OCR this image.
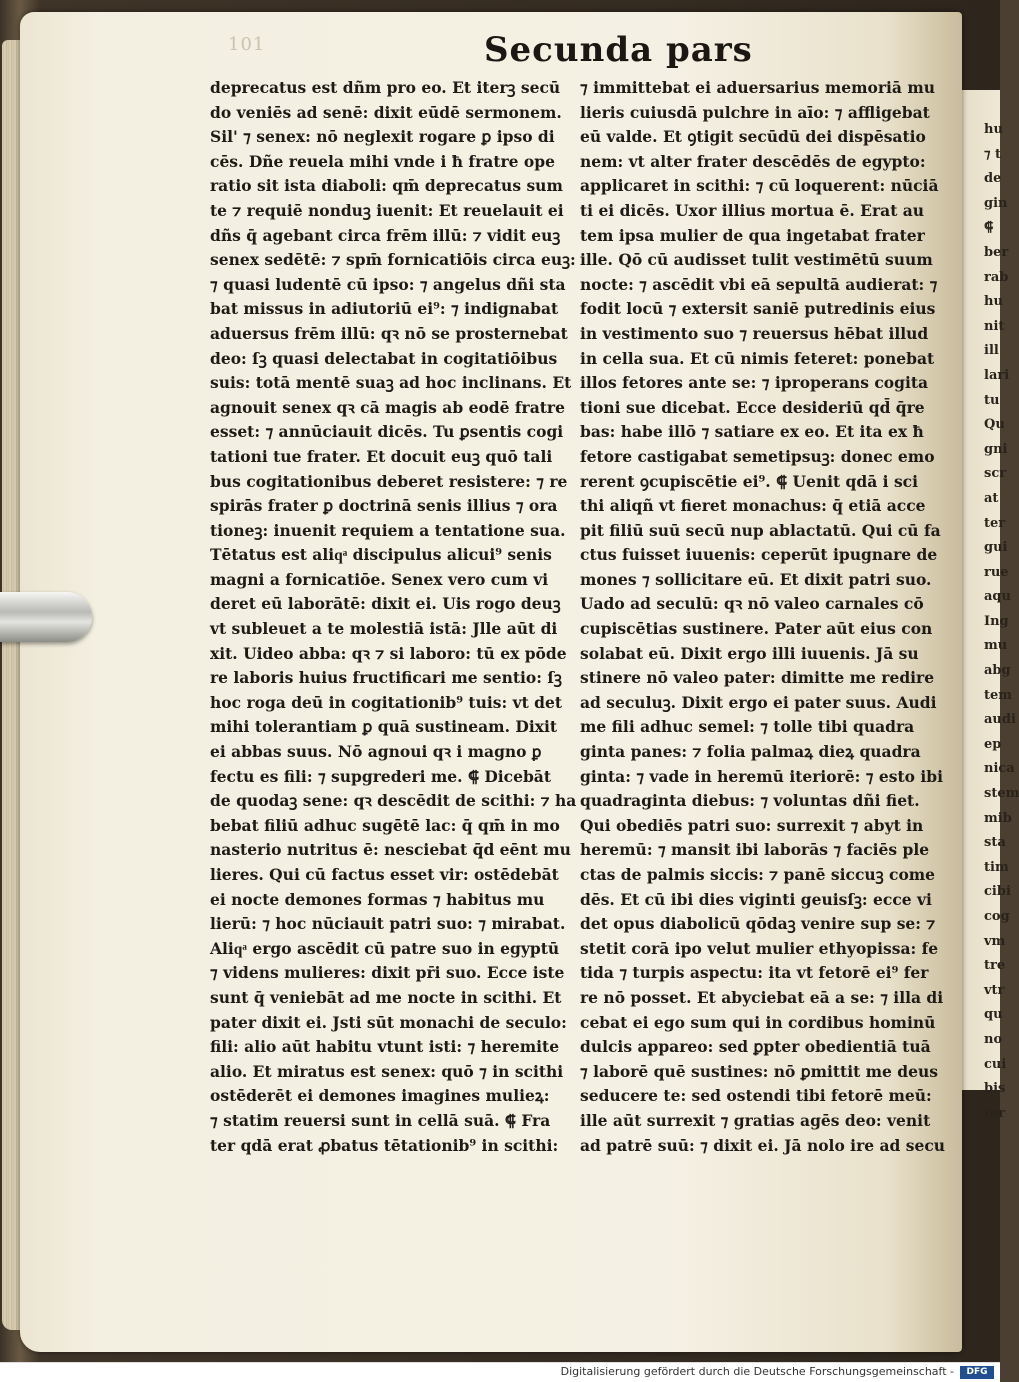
101	Secunda pars
deprecatus est dñm pro eo. Et iterꝫ secū
do veniēs ad senē: dixit eūdē sermonem.
Sil' ⁊ senex: nō neglexit rogare ꝑ ipso di
cēs. Dñe reuela mihi vnde i ħ fratre ope
ratio sit ista diaboli: qm̄ deprecatus sum
te ⁊ requiē nonduꝫ iuenit: Et reuelauit ei
dñs q̄ agebant circa frēm illū: ⁊ vidit euꝫ
senex sedētē: ⁊ spm̄ fornicatiōis circa euꝫ:
⁊ quasi ludentē cū ipso: ⁊ angelus dñi sta
bat missus in adiutoriū ei⁹: ⁊ indignabat
aduersus frēm illū: qꝛ nō se prosternebat
deo: ſꝫ quasi delectabat in cogitatiōibus
suis: totā mentē suaꝫ ad hoc inclinans. Et
agnouit senex qꝛ cā magis ab eodē fratre
esset: ⁊ annūciauit dicēs. Tu ꝑsentis cogi
tationi tue frater. Et docuit euꝫ quō tali
bus cogitationibus deberet resistere: ⁊ re
spirās frater ꝑ doctrinā senis illius ⁊ ora
tioneꝫ: inuenit requiem a tentatione sua.
Tētatus est aliqͣ discipulus alicui⁹ senis
magni a fornicatiōe. Senex vero cum vi
deret eū laborātē: dixit ei. Uis rogo deuꝫ
vt subleuet a te molestiā istā: Jlle aūt di
xit. Uideo abba: qꝛ ⁊ si laboro: tū ex pōde
re laboris huius fructificari me sentio: ſꝫ
hoc roga deū in cogitationib⁹ tuis: vt det
mihi tolerantiam ꝑ quā sustineam. Dixit
ei abbas suus. Nō agnoui qꝛ i magno ꝑ
fectu es fili: ⁊ supgrederi me. ⸿ Dicebāt
de quodaꝫ sene: qꝛ descēdit de scithi: ⁊ ha
bebat filiū adhuc sugētē lac: q̄ qm̄ in mo
nasterio nutritus ē: nesciebat q̄d eēnt mu
lieres. Qui cū factus esset vir: ostēdebāt
ei nocte demones formas ⁊ habitus mu
lierū: ⁊ hoc nūciauit patri suo: ⁊ mirabat.
Aliqͣ ergo ascēdit cū patre suo in egyptū
⁊ videns mulieres: dixit pr̄i suo. Ecce iste
sunt q̄ veniebāt ad me nocte in scithi. Et
pater dixit ei. Jsti sūt monachi de seculo:
fili: alio aūt habitu vtunt isti: ⁊ heremite
alio. Et miratus est senex: quō ⁊ in scithi
ostēderēt ei demones imagines mulieꝝ:
⁊ statim reuersi sunt in cellā suā. ⸿ Fra
ter qdā erat ꝓbatus tētationib⁹ in scithi:
⁊ immittebat ei aduersarius memoriā mu
lieris cuiusdā pulchre in aīo: ⁊ affligebat
eū valde. Et ꝯtigit secūdū dei dispēsatio
nem: vt alter frater descēdēs de egypto:
applicaret in scithi: ⁊ cū loquerent: nūciā
ti ei dicēs. Uxor illius mortua ē. Erat au
tem ipsa mulier de qua ingetabat frater
ille. Qō cū audisset tulit vestimētū suum
nocte: ⁊ ascēdit vbi eā sepultā audierat: ⁊
fodit locū ⁊ extersit saniē putredinis eius
in vestimento suo ⁊ reuersus hēbat illud
in cella sua. Et cū nimis feteret: ponebat
illos fetores ante se: ⁊ iproperans cogita
tioni sue dicebat. Ecce desideriū qd̄ q̄re
bas: habe illō ⁊ satiare ex eo. Et ita ex ħ
fetore castigabat semetipsuꝫ: donec emo
rerent ꝯcupiscētie ei⁹. ⸿ Uenit qdā i sci
thi aliqñ vt fieret monachus: q̄ etiā acce
pit filiū suū secū nup ablactatū. Qui cū fa
ctus fuisset iuuenis: ceperūt ipugnare de
mones ⁊ sollicitare eū. Et dixit patri suo.
Uado ad seculū: qꝛ nō valeo carnales cō
cupiscētias sustinere. Pater aūt eius con
solabat eū. Dixit ergo illi iuuenis. Jā su
stinere nō valeo pater: dimitte me redire
ad seculuꝫ. Dixit ergo ei pater suus. Audi
me fili adhuc semel: ⁊ tolle tibi quadra
ginta panes: ⁊ folia palmaꝝ dieꝝ quadra
ginta: ⁊ vade in heremū iteriorē: ⁊ esto ibi
quadraginta diebus: ⁊ voluntas dñi fiet.
Qui obediēs patri suo: surrexit ⁊ abyt in
heremū: ⁊ mansit ibi laborās ⁊ faciēs ple
ctas de palmis siccis: ⁊ panē siccuꝫ come
dēs. Et cū ibi dies viginti geuisſꝫ: ecce vi
det opus diabolicū qōdaꝫ venire sup se: ⁊
stetit corā ipo velut mulier ethyopissa: fe
tida ⁊ turpis aspectu: ita vt fetorē ei⁹ fer
re nō posset. Et abyciebat eā a se: ⁊ illa di
cebat ei ego sum qui in cordibus hominū
dulcis appareo: sed ꝑpter obedientiā tuā
⁊ laborē quē sustines: nō ꝑmittit me deus
seducere te: sed ostendi tibi fetorē meū:
ille aūt surrexit ⁊ gratias agēs deo: venit
ad patrē suū: ⁊ dixit ei. Jā nolo ire ad secu
hu
⁊ t
de
gin
⸿
ber
rab
hu
nit
ill
lari
tu
Qu
gni
scr
at
ter
gui
rue
aqu
Ing
mu
abg
tem
audi
ep
nica
stem
mib
sta
tim
cibi
cog
vm
tre
vtr
qu
no
cui
bis
ter
Digitalisierung gefördert durch die Deutsche Forschungsgemeinschaft -	DFG
